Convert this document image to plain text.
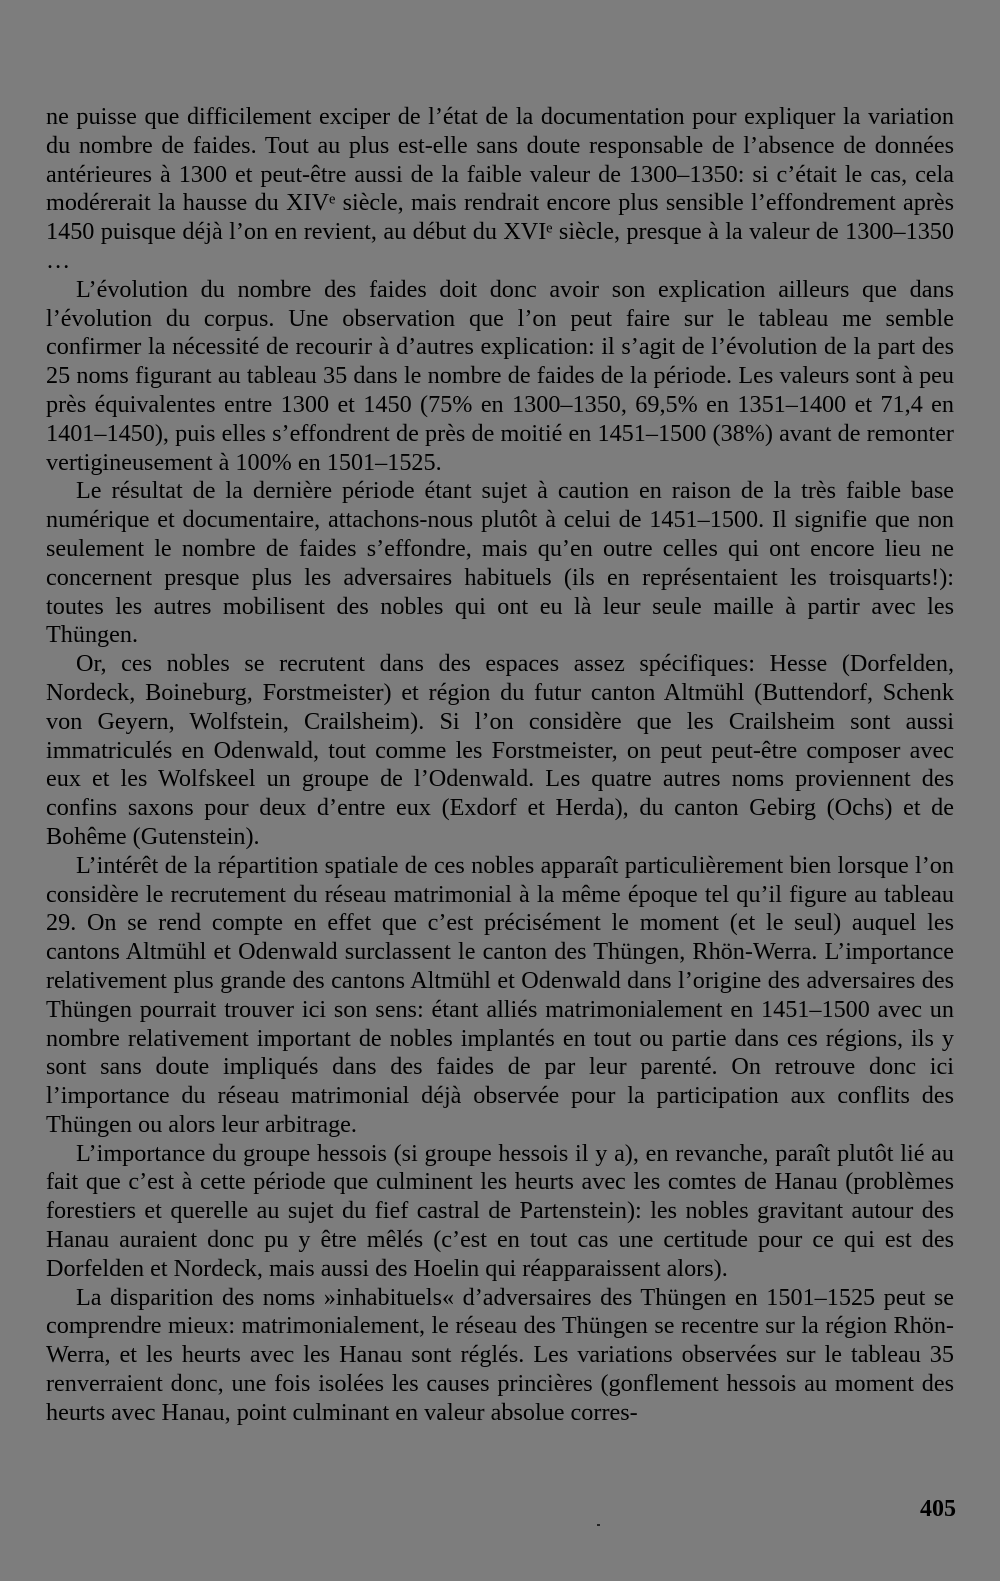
ne puisse que difficilement exciper de l’état de la documentation pour expliquer la variation du nombre de faides. Tout au plus est-elle sans doute responsable de l’absence de données antérieures à 1300 et peut-être aussi de la faible valeur de 1300–1350: si c’était le cas, cela modérerait la hausse du XIVᵉ siècle, mais rendrait encore plus sensible l’effondrement après 1450 puisque déjà l’on en revient, au début du XVIᵉ siècle, presque à la valeur de 1300–1350 …

L’évolution du nombre des faides doit donc avoir son explication ailleurs que dans l’évolution du corpus. Une observation que l’on peut faire sur le tableau me semble confirmer la nécessité de recourir à d’autres explication: il s’agit de l’évolution de la part des 25 noms figurant au tableau 35 dans le nombre de faides de la période. Les valeurs sont à peu près équivalentes entre 1300 et 1450 (75% en 1300–1350, 69,5% en 1351–1400 et 71,4 en 1401–1450), puis elles s’effondrent de près de moitié en 1451–1500 (38%) avant de remonter vertigineusement à 100% en 1501–1525.

Le résultat de la dernière période étant sujet à caution en raison de la très faible base numérique et documentaire, attachons-nous plutôt à celui de 1451–1500. Il signifie que non seulement le nombre de faides s’effondre, mais qu’en outre celles qui ont encore lieu ne concernent presque plus les adversaires habituels (ils en représentaient les troisquarts!): toutes les autres mobilisent des nobles qui ont eu là leur seule maille à partir avec les Thüngen.

Or, ces nobles se recrutent dans des espaces assez spécifiques: Hesse (Dorfelden, Nordeck, Boineburg, Forstmeister) et région du futur canton Altmühl (Buttendorf, Schenk von Geyern, Wolfstein, Crailsheim). Si l’on considère que les Crailsheim sont aussi immatriculés en Odenwald, tout comme les Forstmeister, on peut peut-être composer avec eux et les Wolfskeel un groupe de l’Odenwald. Les quatre autres noms proviennent des confins saxons pour deux d’entre eux (Exdorf et Herda), du canton Gebirg (Ochs) et de Bohême (Gutenstein).

L’intérêt de la répartition spatiale de ces nobles apparaît particulièrement bien lorsque l’on considère le recrutement du réseau matrimonial à la même époque tel qu’il figure au tableau 29. On se rend compte en effet que c’est précisément le moment (et le seul) auquel les cantons Altmühl et Odenwald surclassent le canton des Thüngen, Rhön-Werra. L’importance relativement plus grande des cantons Altmühl et Odenwald dans l’origine des adversaires des Thüngen pourrait trouver ici son sens: étant alliés matrimonialement en 1451–1500 avec un nombre relativement important de nobles implantés en tout ou partie dans ces régions, ils y sont sans doute impliqués dans des faides de par leur parenté. On retrouve donc ici l’importance du réseau matrimonial déjà observée pour la participation aux conflits des Thüngen ou alors leur arbitrage.

L’importance du groupe hessois (si groupe hessois il y a), en revanche, paraît plutôt lié au fait que c’est à cette période que culminent les heurts avec les comtes de Hanau (problèmes forestiers et querelle au sujet du fief castral de Partenstein): les nobles gravitant autour des Hanau auraient donc pu y être mêlés (c’est en tout cas une certitude pour ce qui est des Dorfelden et Nordeck, mais aussi des Hoelin qui réapparaissent alors).

La disparition des noms »inhabituels« d’adversaires des Thüngen en 1501–1525 peut se comprendre mieux: matrimonialement, le réseau des Thüngen se recentre sur la région Rhön-Werra, et les heurts avec les Hanau sont réglés. Les variations observées sur le tableau 35 renverraient donc, une fois isolées les causes princières (gonflement hessois au moment des heurts avec Hanau, point culminant en valeur absolue corres-

405
